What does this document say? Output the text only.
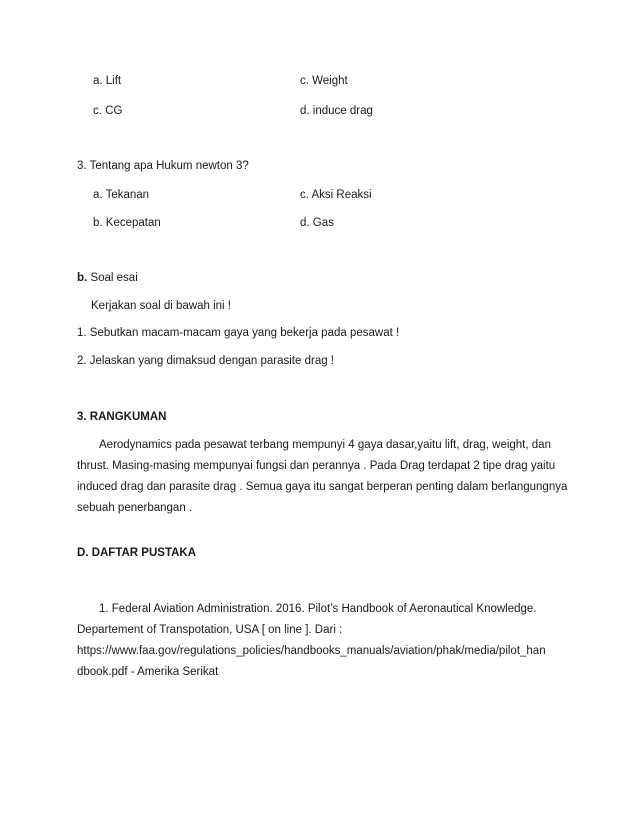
a. Lift	c. Weight
c. CG	d. induce drag
3. Tentang apa Hukum newton 3?
a. Tekanan	c. Aksi Reaksi
b. Kecepatan	d. Gas
b. Soal esai
Kerjakan soal di bawah ini !
1. Sebutkan macam-macam gaya yang bekerja pada pesawat !
2. Jelaskan yang dimaksud dengan parasite drag !
3. RANGKUMAN
Aerodynamics pada pesawat terbang mempunyi 4 gaya dasar,yaitu lift, drag, weight, dan
thrust. Masing-masing mempunyai fungsi dan perannya . Pada Drag terdapat 2 tipe drag yaitu
induced drag dan parasite drag . Semua gaya itu sangat berperan penting dalam berlangungnya
sebuah penerbangan .
D. DAFTAR PUSTAKA
1. Federal Aviation Administration. 2016. Pilot’s Handbook of Aeronautical Knowledge.
Departement of Transpotation, USA [ on line ]. Dari :
https://www.faa.gov/regulations_policies/handbooks_manuals/aviation/phak/media/pilot_han
dbook.pdf - Amerika Serikat
